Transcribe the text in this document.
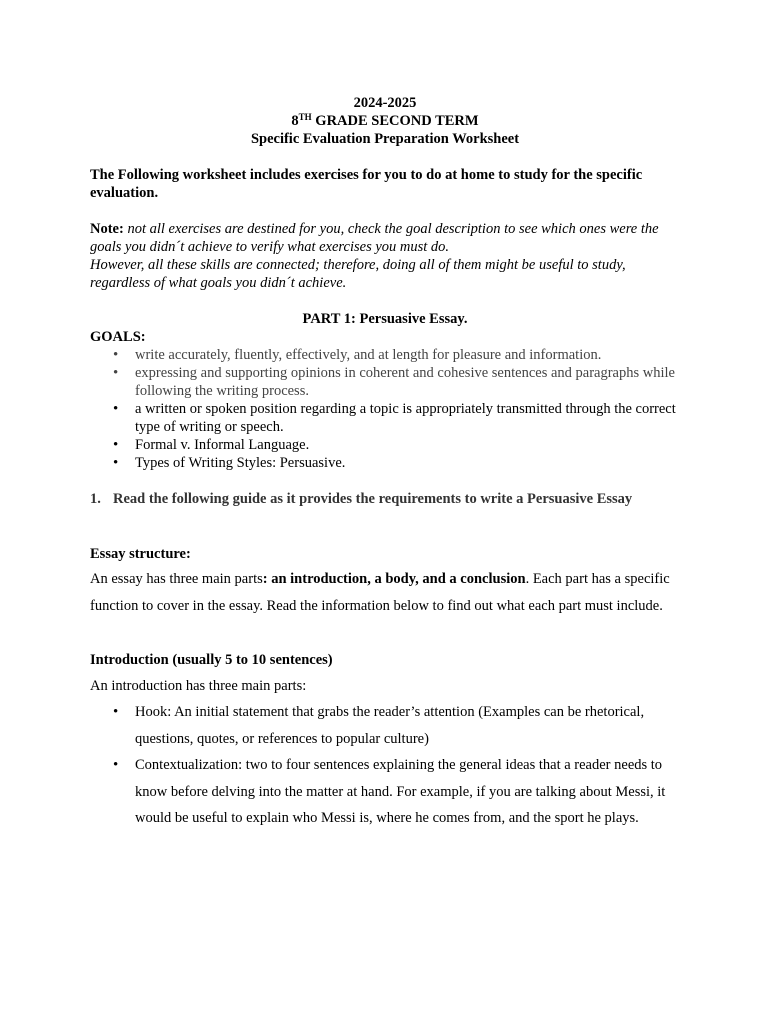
2024-2025
8TH GRADE SECOND TERM
Specific Evaluation Preparation Worksheet

The Following worksheet includes exercises for you to do at home to study for the specific evaluation.

Note: not all exercises are destined for you, check the goal description to see which ones were the goals you didn´t achieve to verify what exercises you must do.

However, all these skills are connected; therefore, doing all of them might be useful to study, regardless of what goals you didn´t achieve.

PART 1: Persuasive Essay.
GOALS:
• write accurately, fluently, effectively, and at length for pleasure and information.
• expressing and supporting opinions in coherent and cohesive sentences and paragraphs while following the writing process.
• a written or spoken position regarding a topic is appropriately transmitted through the correct type of writing or speech.
• Formal v. Informal Language.
• Types of Writing Styles: Persuasive.
1. Read the following guide as it provides the requirements to write a Persuasive Essay
Essay structure:

An essay has three main parts: an introduction, a body, and a conclusion. Each part has a specific function to cover in the essay. Read the information below to find out what each part must include.

Introduction (usually 5 to 10 sentences)

An introduction has three main parts:

• Hook: An initial statement that grabs the reader’s attention (Examples can be rhetorical, questions, quotes, or references to popular culture)
• Contextualization: two to four sentences explaining the general ideas that a reader needs to know before delving into the matter at hand. For example, if you are talking about Messi, it would be useful to explain who Messi is, where he comes from, and the sport he plays.
